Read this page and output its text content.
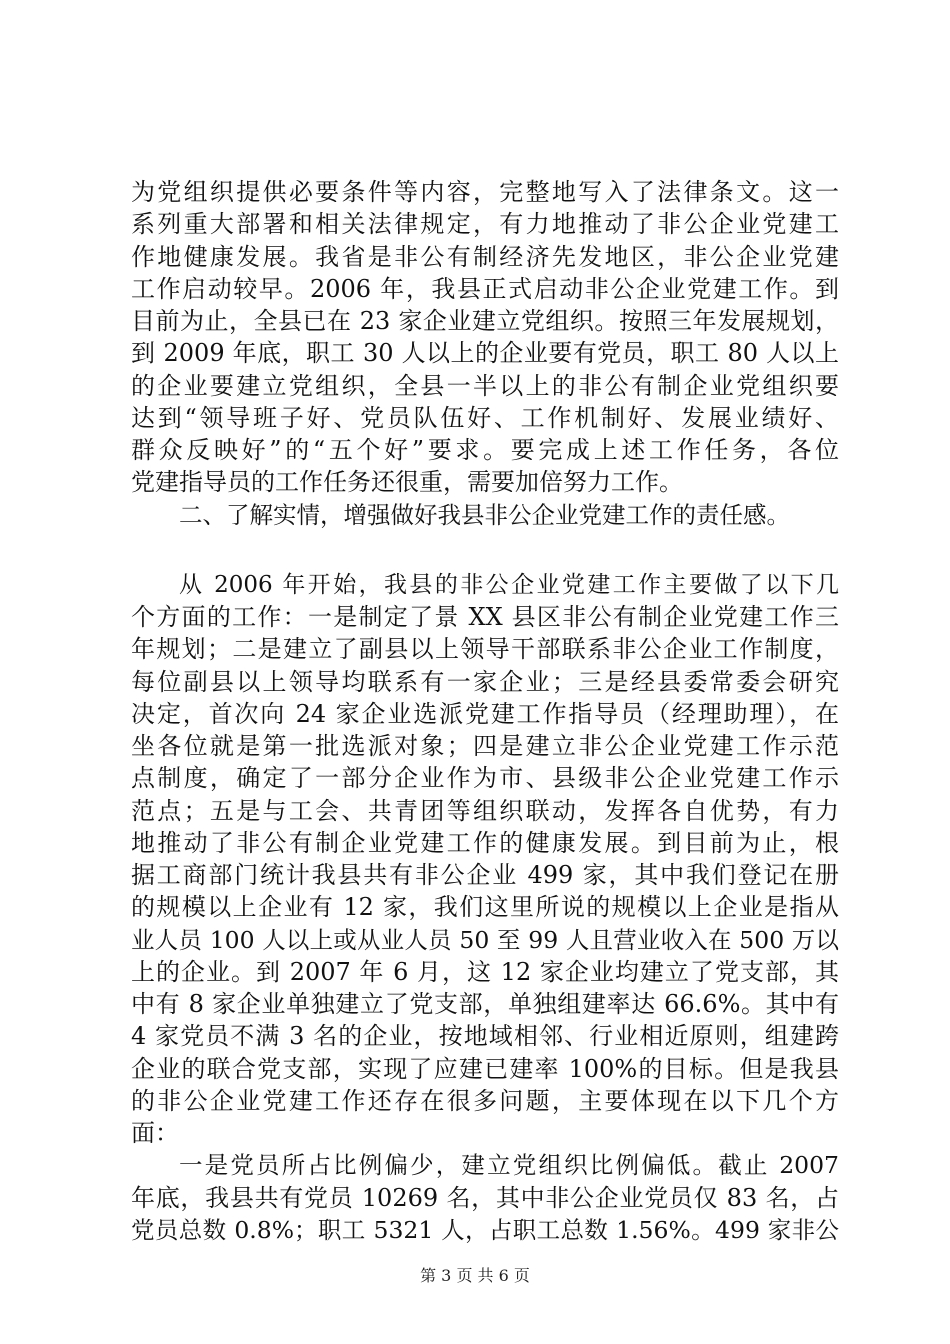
为党组织提供必要条件等内容，完整地写入了法律条文。这一
系列重大部署和相关法律规定，有力地推动了非公企业党建工
作地健康发展。我省是非公有制经济先发地区，非公企业党建
工作启动较早。2006 年，我县正式启动非公企业党建工作。到
目前为止，全县已在 23 家企业建立党组织。按照三年发展规划，
到 2009 年底，职工 30 人以上的企业要有党员，职工 80 人以上
的企业要建立党组织，全县一半以上的非公有制企业党组织要
达到“领导班子好、党员队伍好、工作机制好、发展业绩好、
群众反映好”的“五个好”要求。要完成上述工作任务，各位
党建指导员的工作任务还很重，需要加倍努力工作。
二、了解实情，增强做好我县非公企业党建工作的责任感。
从 2006 年开始，我县的非公企业党建工作主要做了以下几
个方面的工作：一是制定了景 XX 县区非公有制企业党建工作三
年规划；二是建立了副县以上领导干部联系非公企业工作制度，
每位副县以上领导均联系有一家企业；三是经县委常委会研究
决定，首次向 24 家企业选派党建工作指导员（经理助理），在
坐各位就是第一批选派对象；四是建立非公企业党建工作示范
点制度，确定了一部分企业作为市、县级非公企业党建工作示
范点；五是与工会、共青团等组织联动，发挥各自优势，有力
地推动了非公有制企业党建工作的健康发展。到目前为止，根
据工商部门统计我县共有非公企业 499 家，其中我们登记在册
的规模以上企业有 12 家，我们这里所说的规模以上企业是指从
业人员 100 人以上或从业人员 50 至 99 人且营业收入在 500 万以
上的企业。到 2007 年 6 月，这 12 家企业均建立了党支部，其
中有 8 家企业单独建立了党支部，单独组建率达 66.6%。其中有
4 家党员不满 3 名的企业，按地域相邻、行业相近原则，组建跨
企业的联合党支部，实现了应建已建率 100%的目标。但是我县
的非公企业党建工作还存在很多问题，主要体现在以下几个方
面：
一是党员所占比例偏少，建立党组织比例偏低。截止 2007
年底，我县共有党员 10269 名，其中非公企业党员仅 83 名，占
党员总数 0.8%；职工 5321 人，占职工总数 1.56%。499 家非公
第 3 页 共 6 页
